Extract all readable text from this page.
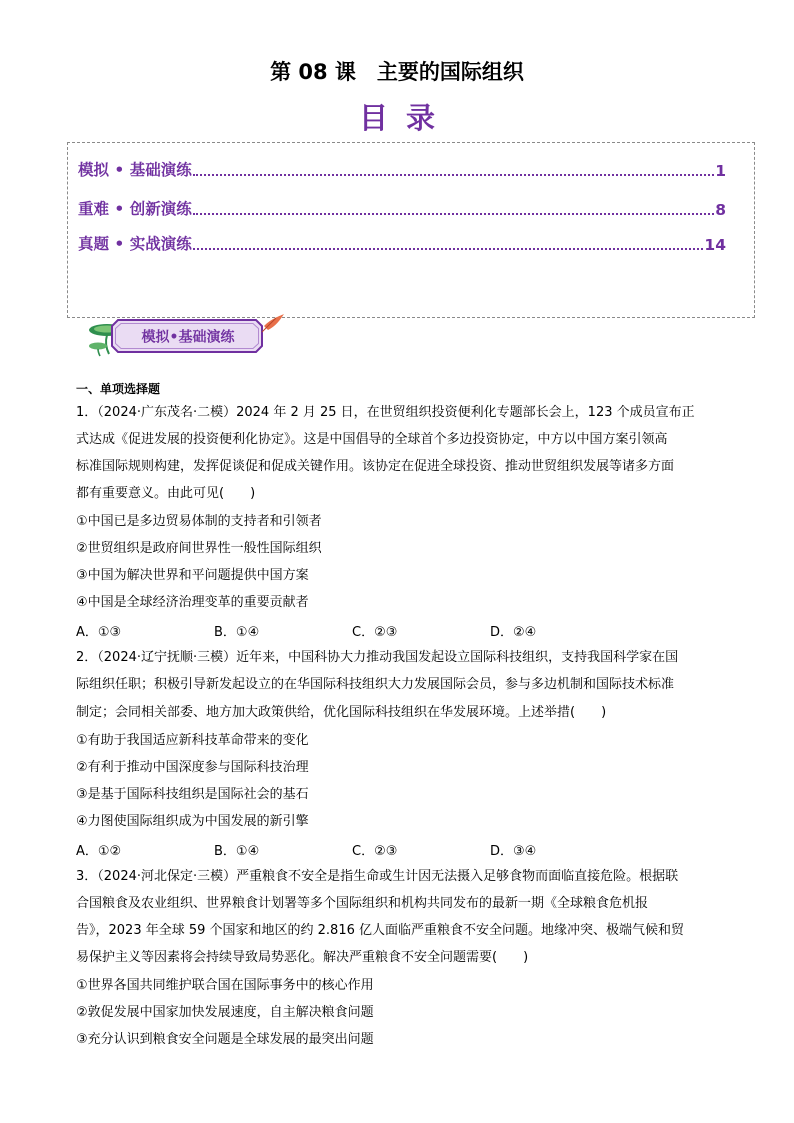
第 08 课　主要的国际组织
目录
模拟 • 基础演练	1
重难 • 创新演练	8
真题 • 实战演练	14
模拟•基础演练
一、单项选择题
1．（2024·广东茂名·二模）2024 年 2 月 25 日，在世贸组织投资便利化专题部长会上，123 个成员宣布正
式达成《促进发展的投资便利化协定》。这是中国倡导的全球首个多边投资协定，中方以中国方案引领高
标准国际规则构建，发挥促谈促和促成关键作用。该协定在促进全球投资、推动世贸组织发展等诸多方面
都有重要意义。由此可见(　　)
①中国已是多边贸易体制的支持者和引领者
②世贸组织是政府间世界性一般性国际组织
③中国为解决世界和平问题提供中国方案
④中国是全球经济治理变革的重要贡献者
A．①③	B．①④	C．②③	D．②④
2．（2024·辽宁抚顺·三模）近年来，中国科协大力推动我国发起设立国际科技组织，支持我国科学家在国
际组织任职；积极引导新发起设立的在华国际科技组织大力发展国际会员，参与多边机制和国际技术标准
制定；会同相关部委、地方加大政策供给，优化国际科技组织在华发展环境。上述举措(　　)
①有助于我国适应新科技革命带来的变化
②有利于推动中国深度参与国际科技治理
③是基于国际科技组织是国际社会的基石
④力图使国际组织成为中国发展的新引擎
A．①②	B．①④	C．②③	D．③④
3．（2024·河北保定·三模）严重粮食不安全是指生命或生计因无法摄入足够食物而面临直接危险。根据联
合国粮食及农业组织、世界粮食计划署等多个国际组织和机构共同发布的最新一期《全球粮食危机报
告》，2023 年全球 59 个国家和地区的约 2.816 亿人面临严重粮食不安全问题。地缘冲突、极端气候和贸
易保护主义等因素将会持续导致局势恶化。解决严重粮食不安全问题需要(　　)
①世界各国共同维护联合国在国际事务中的核心作用
②敦促发展中国家加快发展速度，自主解决粮食问题
③充分认识到粮食安全问题是全球发展的最突出问题
